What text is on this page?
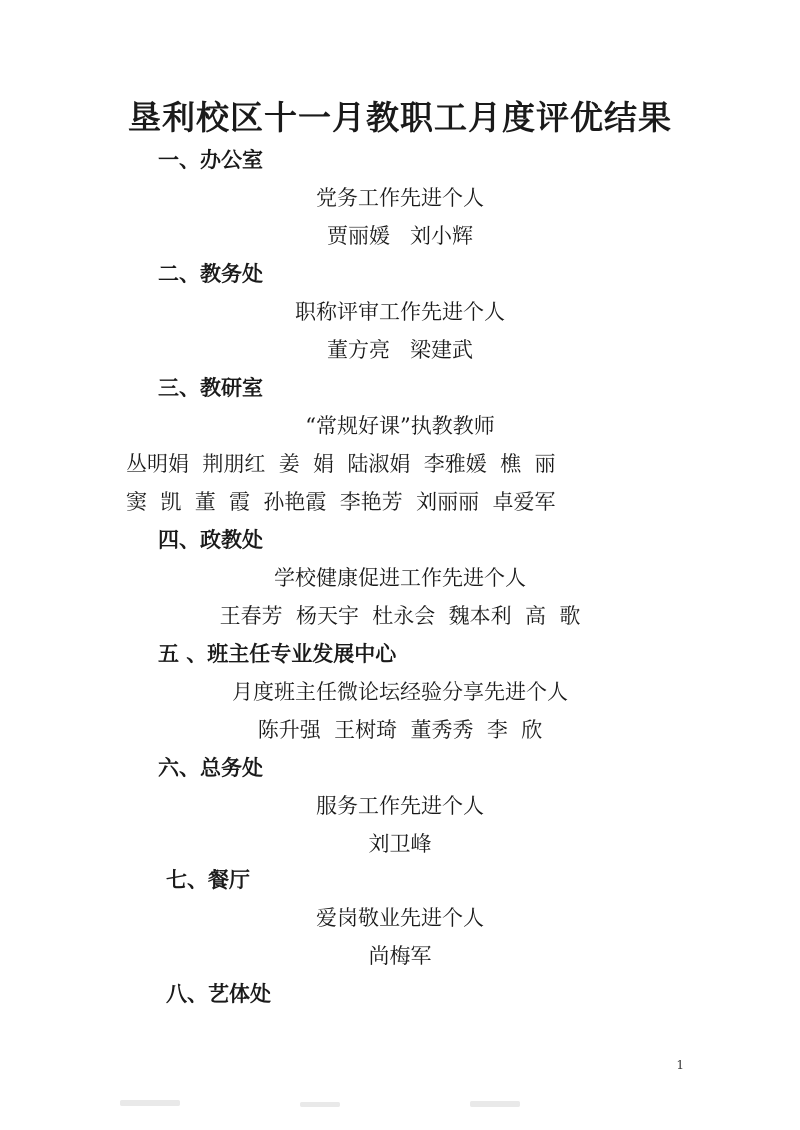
垦利校区十一月教职工月度评优结果
一、办公室
党务工作先进个人
贾丽媛   刘小辉
二、教务处
职称评审工作先进个人
董方亮   梁建武
三、教研室
“常规好课”执教教师
丛明娟  荆朋红  姜  娟  陆淑娟  李雅媛  樵  丽
窦  凯  董  霞  孙艳霞  李艳芳  刘丽丽  卓爱军
四、政教处
学校健康促进工作先进个人
王春芳  杨天宇  杜永会  魏本利  高  歌
五 、班主任专业发展中心
月度班主任微论坛经验分享先进个人
陈升强  王树琦  董秀秀  李  欣
六、总务处
服务工作先进个人
刘卫峰
七、餐厅
爱岗敬业先进个人
尚梅军
八、艺体处
1
